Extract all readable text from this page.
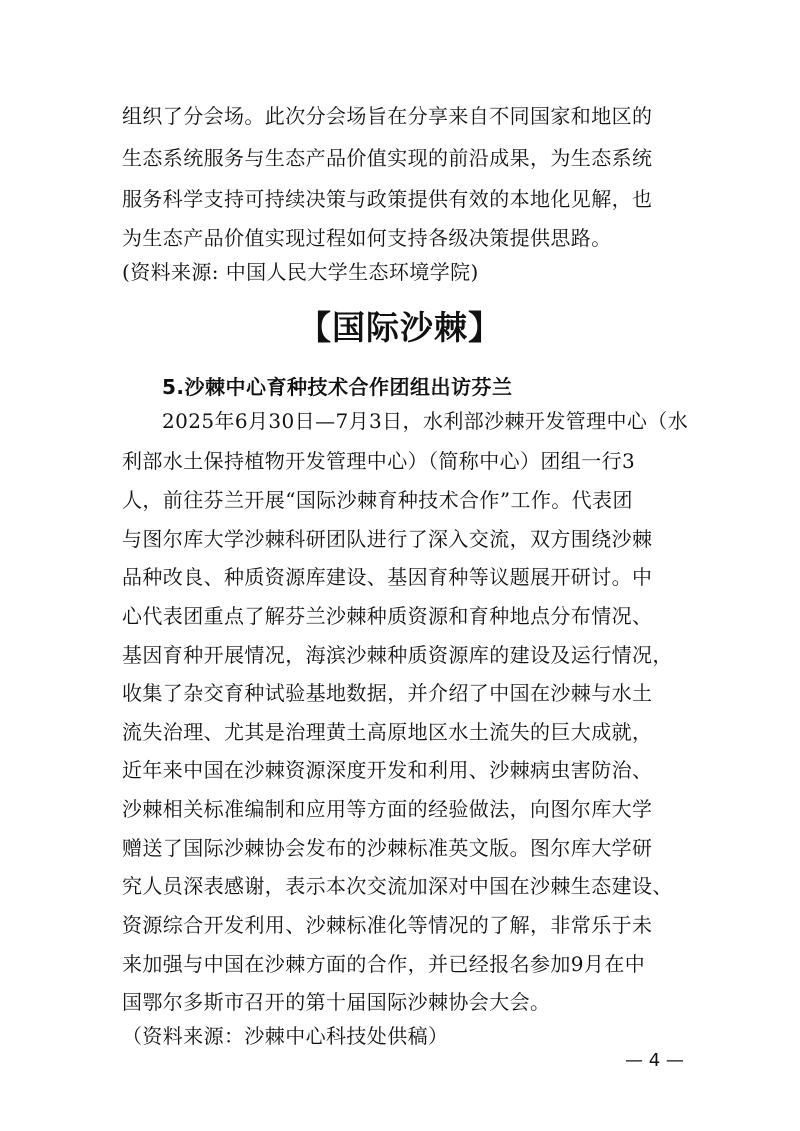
组织了分会场。此次分会场旨在分享来自不同国家和地区的
生态系统服务与生态产品价值实现的前沿成果，为生态系统
服务科学支持可持续决策与政策提供有效的本地化见解，也
为生态产品价值实现过程如何支持各级决策提供思路。
(资料来源: 中国人民大学生态环境学院)
【国际沙棘】
5.沙棘中心育种技术合作团组出访芬兰
2025年6月30日—7月3日，水利部沙棘开发管理中心（水
利部水土保持植物开发管理中心）（简称中心）团组一行3
人，前往芬兰开展“国际沙棘育种技术合作”工作。代表团
与图尔库大学沙棘科研团队进行了深入交流，双方围绕沙棘
品种改良、种质资源库建设、基因育种等议题展开研讨。中
心代表团重点了解芬兰沙棘种质资源和育种地点分布情况、
基因育种开展情况，海滨沙棘种质资源库的建设及运行情况，
收集了杂交育种试验基地数据，并介绍了中国在沙棘与水土
流失治理、尤其是治理黄土高原地区水土流失的巨大成就，
近年来中国在沙棘资源深度开发和利用、沙棘病虫害防治、
沙棘相关标准编制和应用等方面的经验做法，向图尔库大学
赠送了国际沙棘协会发布的沙棘标准英文版。图尔库大学研
究人员深表感谢，表示本次交流加深对中国在沙棘生态建设、
资源综合开发利用、沙棘标准化等情况的了解，非常乐于未
来加强与中国在沙棘方面的合作，并已经报名参加9月在中
国鄂尔多斯市召开的第十届国际沙棘协会大会。
（资料来源：沙棘中心科技处供稿）
— 4 —
